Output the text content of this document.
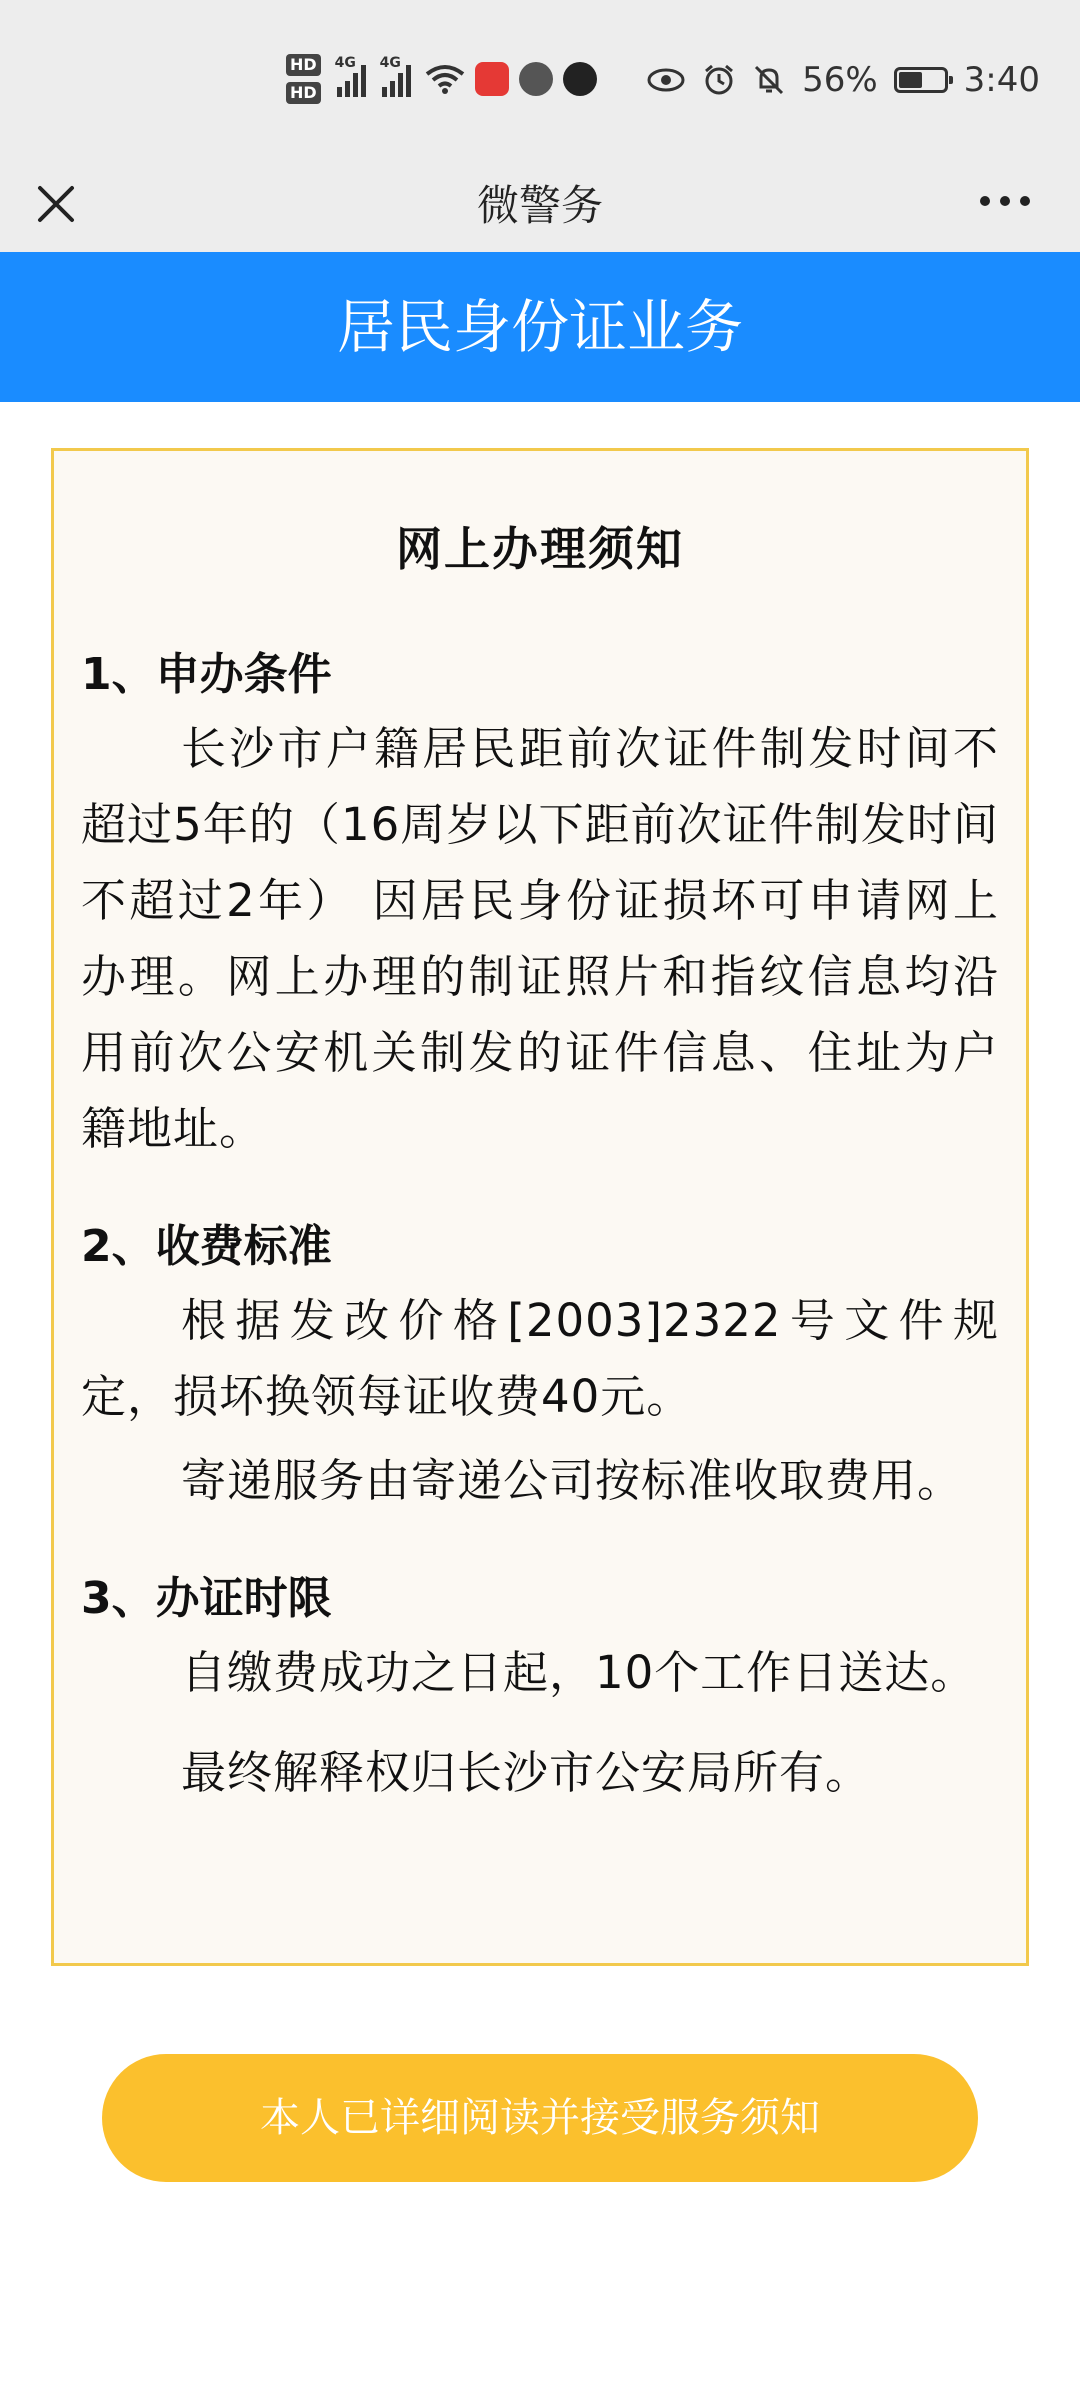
HD
HD
4G 4G	56%	3:40
微警务
居民身份证业务
网上办理须知
1、申办条件

长沙市户籍居民距前次证件制发时间不超过5年的（16周岁以下距前次证件制发时间不超过2年） 因居民身份证损坏可申请网上办理。网上办理的制证照片和指纹信息均沿用前次公安机关制发的证件信息、住址为户籍地址。

2、收费标准

根据发改价格[2003]2322号文件规定，损坏换领每证收费40元。

寄递服务由寄递公司按标准收取费用。

3、办证时限

自缴费成功之日起，10个工作日送达。

最终解释权归长沙市公安局所有。

本人已详细阅读并接受服务须知
